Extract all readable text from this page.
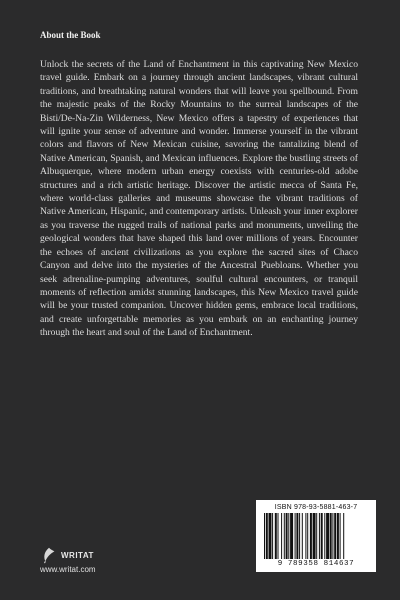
About the Book

Unlock the secrets of the Land of Enchantment in this captivating New Mexico travel guide. Embark on a journey through ancient landscapes, vibrant cultural traditions, and breathtaking natural wonders that will leave you spellbound. From the majestic peaks of the Rocky Mountains to the surreal landscapes of the Bisti/De-Na-Zin Wilderness, New Mexico offers a tapestry of experiences that will ignite your sense of adventure and wonder. Immerse yourself in the vibrant colors and flavors of New Mexican cuisine, savoring the tantalizing blend of Native American, Spanish, and Mexican influences. Explore the bustling streets of Albuquerque, where modern urban energy coexists with centuries-old adobe structures and a rich artistic heritage. Discover the artistic mecca of Santa Fe, where world-class galleries and museums showcase the vibrant traditions of Native American, Hispanic, and contemporary artists. Unleash your inner explorer as you traverse the rugged trails of national parks and monuments, unveiling the geological wonders that have shaped this land over millions of years. Encounter the echoes of ancient civilizations as you explore the sacred sites of Chaco Canyon and delve into the mysteries of the Ancestral Puebloans. Whether you seek adrenaline-pumping adventures, soulful cultural encounters, or tranquil moments of reflection amidst stunning landscapes, this New Mexico travel guide will be your trusted companion. Uncover hidden gems, embrace local traditions, and create unforgettable memories as you embark on an enchanting journey through the heart and soul of the Land of Enchantment.

WRITAT
www.writat.com
ISBN 978-93-5881-463-7
9 789358 814637
